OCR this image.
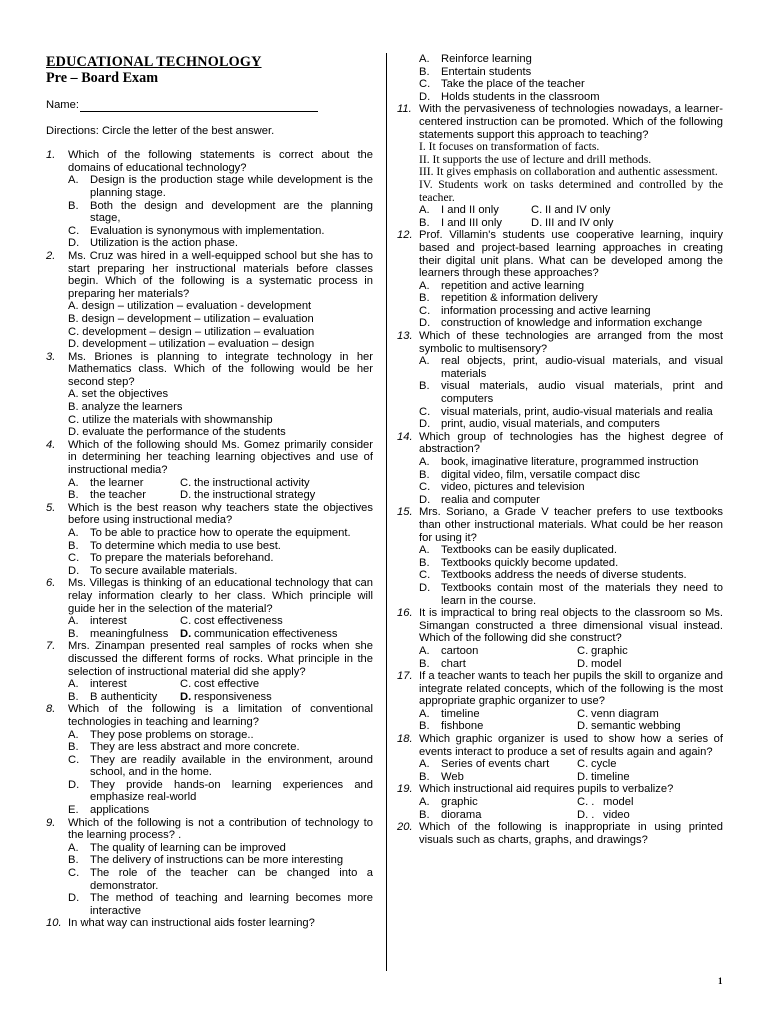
EDUCATIONAL TECHNOLOGY
Pre – Board Exam
Name:
Directions: Circle the letter of the best answer.
1.	Which of the following statements is correct about the domains of educational technology?
A.	Design is the production stage while development is the planning stage.
B.	Both the design and development are the planning stage,
C. Evaluation is synonymous with implementation.
D. Utilization is the action phase.
2.	Ms. Cruz was hired in a well-equipped school but she has to start preparing her instructional materials before classes begin. Which of the following is a systematic process in preparing her materials?
A. design – utilization – evaluation - development
B. design – development – utilization – evaluation
C. development – design – utilization – evaluation
D. development – utilization – evaluation – design
3.	Ms. Briones is planning to integrate technology in her Mathematics class. Which of the following would be her second step?
A. set the objectives
B. analyze the learners
C. utilize the materials with showmanship
D. evaluate the performance of the students
4.	Which of the following should Ms. Gomez primarily consider in determining her teaching learning objectives and use of instructional media?
A.	the learner	C. the instructional activity
B.	the teacher	D. the instructional strategy
5.	Which is the best reason why teachers state the objectives before using instructional media?
A.	To be able to practice how to operate the equipment.
B.	To determine which media to use best.
C. To prepare the materials beforehand.
D. To secure available materials.
6.	Ms. Villegas is thinking of an educational technology that can relay information clearly to her class. Which principle will guide her in the selection of the material?
A.	interest	C. cost effectiveness
B.	meaningfulness D. communication effectiveness
7.	Mrs. Zinampan presented real samples of rocks when she discussed the different forms of rocks. What principle in the selection of instructional material did she apply?
A.	interest	C. cost effective
B.	B authenticity D. responsiveness
8.	Which of the following is a limitation of conventional technologies in teaching and learning?
A.	They pose problems on storage..
B.	They are less abstract and more concrete.
C. They are readily available in the environment, around school, and in the home.
D. They provide hands-on learning experiences and emphasize real-world
E.	applications
9.	Which of the following is not a contribution of technology to the learning process? .
A.	The quality of learning can be improved
B.	The delivery of instructions can be more interesting
C. The role of the teacher can be changed into a demonstrator.
D. The method of teaching and learning becomes more interactive
10. In what way can instructional aids foster learning?
A.	Reinforce learning
B.	Entertain students
C. Take the place of the teacher
D. Holds students in the classroom
11. With the pervasiveness of technologies nowadays, a learner-centered instruction can be promoted. Which of the following statements support this approach to teaching?
I. It focuses on transformation of facts.
II. It supports the use of lecture and drill methods.
III. It gives emphasis on collaboration and authentic assessment.
IV. Students work on tasks determined and controlled by the teacher.
A.	I and II only	C. II and IV only
B.	I and III only	D. III and IV only
12. Prof. Villamin's students use cooperative learning, inquiry based and project-based learning approaches in creating their digital unit plans. What can be developed among the learners through these approaches?
A.	repetition and active learning
B.	repetition & information delivery
C. information processing and active learning
D. construction of knowledge and information exchange
13. Which of these technologies are arranged from the most symbolic to multisensory?
A.	real objects, print, audio-visual materials, and visual materials
B.	visual materials, audio visual materials, print and computers
C. visual materials, print, audio-visual materials and realia
D. print, audio, visual materials, and computers
14. Which group of technologies has the highest degree of abstraction?
A.	book, imaginative literature, programmed instruction
B.	digital video, film, versatile compact disc
C. video, pictures and television
D. realia and computer
15. Mrs. Soriano, a Grade V teacher prefers to use textbooks than other instructional materials. What could be her reason for using it?
A.	Textbooks can be easily duplicated.
B.	Textbooks quickly become updated.
C. Textbooks address the needs of diverse students.
D. Textbooks contain most of the materials they need to learn in the course.
16. It is impractical to bring real objects to the classroom so Ms. Simangan constructed a three dimensional visual instead. Which of the following did she construct?
A.	cartoon	C. graphic
B.	chart	D. model
17. If a teacher wants to teach her pupils the skill to organize and integrate related concepts, which of the following is the most appropriate graphic organizer to use?
A.	timeline	C. venn diagram
B.	fishbone	D. semantic webbing
18. Which graphic organizer is used to show how a series of events interact to produce a set of results again and again?
A.	Series of events chart C. cycle
B.	Web	D. timeline
19. Which instructional aid requires pupils to verbalize?
A.	graphic	C. . model
B.	diorama	D. . video
20. Which of the following is inappropriate in using printed visuals such as charts, graphs, and drawings?
1
